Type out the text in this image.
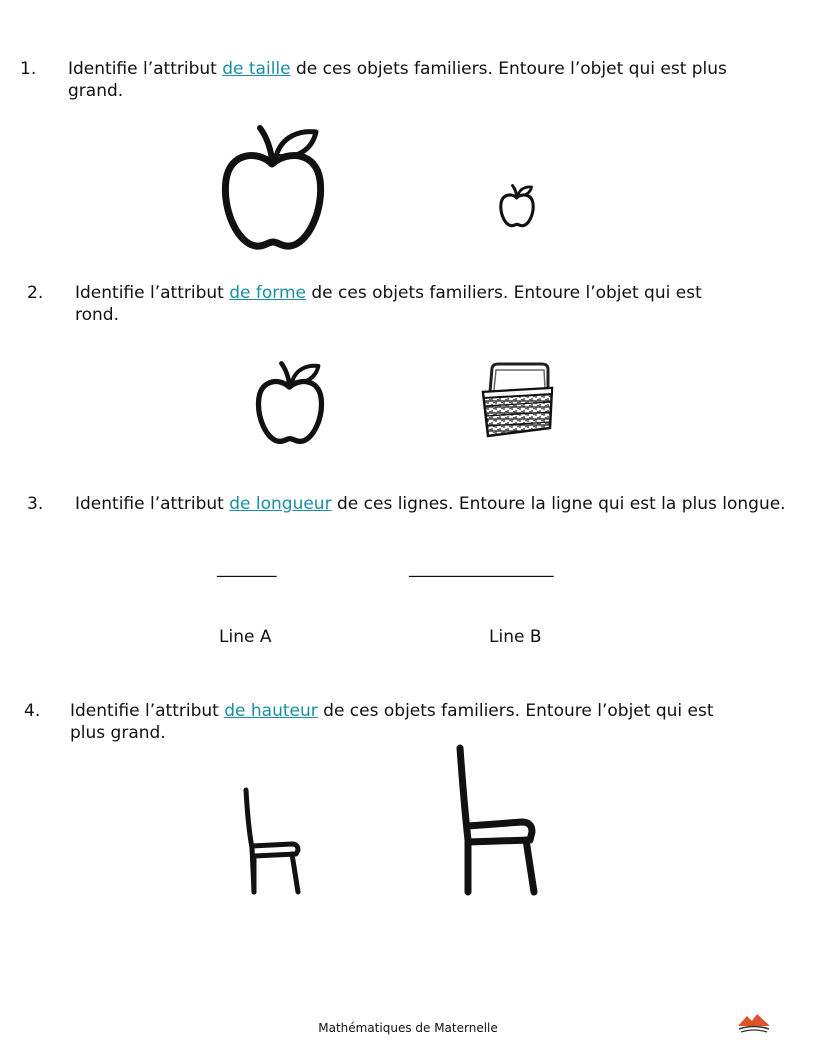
1. Identifie l’attribut de taille de ces objets familiers. Entoure l’objet qui est plus
grand.
2. Identifie l’attribut de forme de ces objets familiers. Entoure l’objet qui est
rond.
3. Identifie l’attribut de longueur de ces lignes. Entoure la ligne qui est la plus longue.
_______	_________________
Line A	Line B
4. Identifie l’attribut de hauteur de ces objets familiers. Entoure l’objet qui est
plus grand.
Mathématiques de Maternelle
